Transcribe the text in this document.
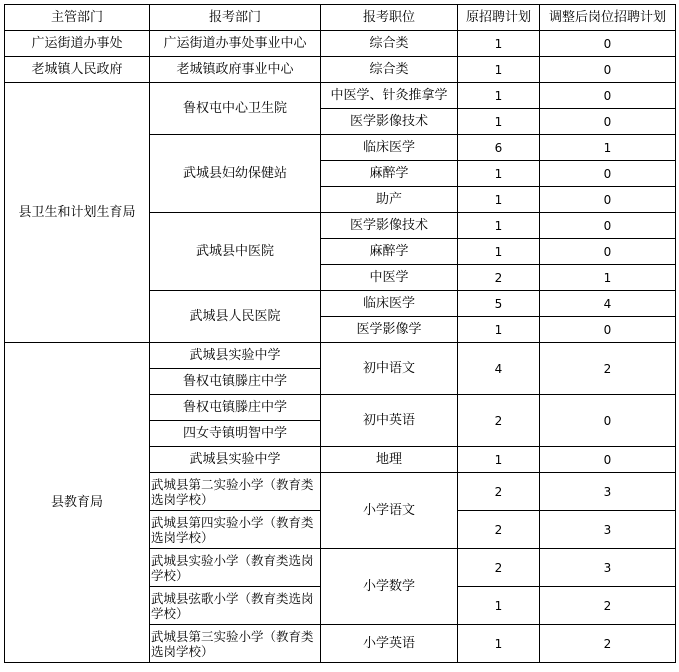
主管部门	报考部门	报考职位	原招聘计划	调整后岗位招聘计划
广运街道办事处	广运街道办事处事业中心	综合类	1	0
老城镇人民政府	老城镇政府事业中心	综合类	1	0
县卫生和计划生育局	鲁权屯中心卫生院	中医学、针灸推拿学	1	0
		医学影像技术	1	0
	武城县妇幼保健站	临床医学	6	1
		麻醉学	1	0
		助产	1	0
	武城县中医院	医学影像技术	1	0
		麻醉学	1	0
		中医学	2	1
	武城县人民医院	临床医学	5	4
		医学影像学	1	0
县教育局	武城县实验中学	初中语文	4	2
	鲁权屯镇滕庄中学			
	鲁权屯镇滕庄中学	初中英语	2	0
	四女寺镇明智中学			
	武城县实验中学	地理	1	0
	武城县第二实验小学（教育类选岗学校）	小学语文	2	3
	武城县第四实验小学（教育类选岗学校）		2	3
	武城县实验小学（教育类选岗学校）	小学数学	2	3
	武城县弦歌小学（教育类选岗学校）		1	2
	武城县第三实验小学（教育类选岗学校）	小学英语	1	2
